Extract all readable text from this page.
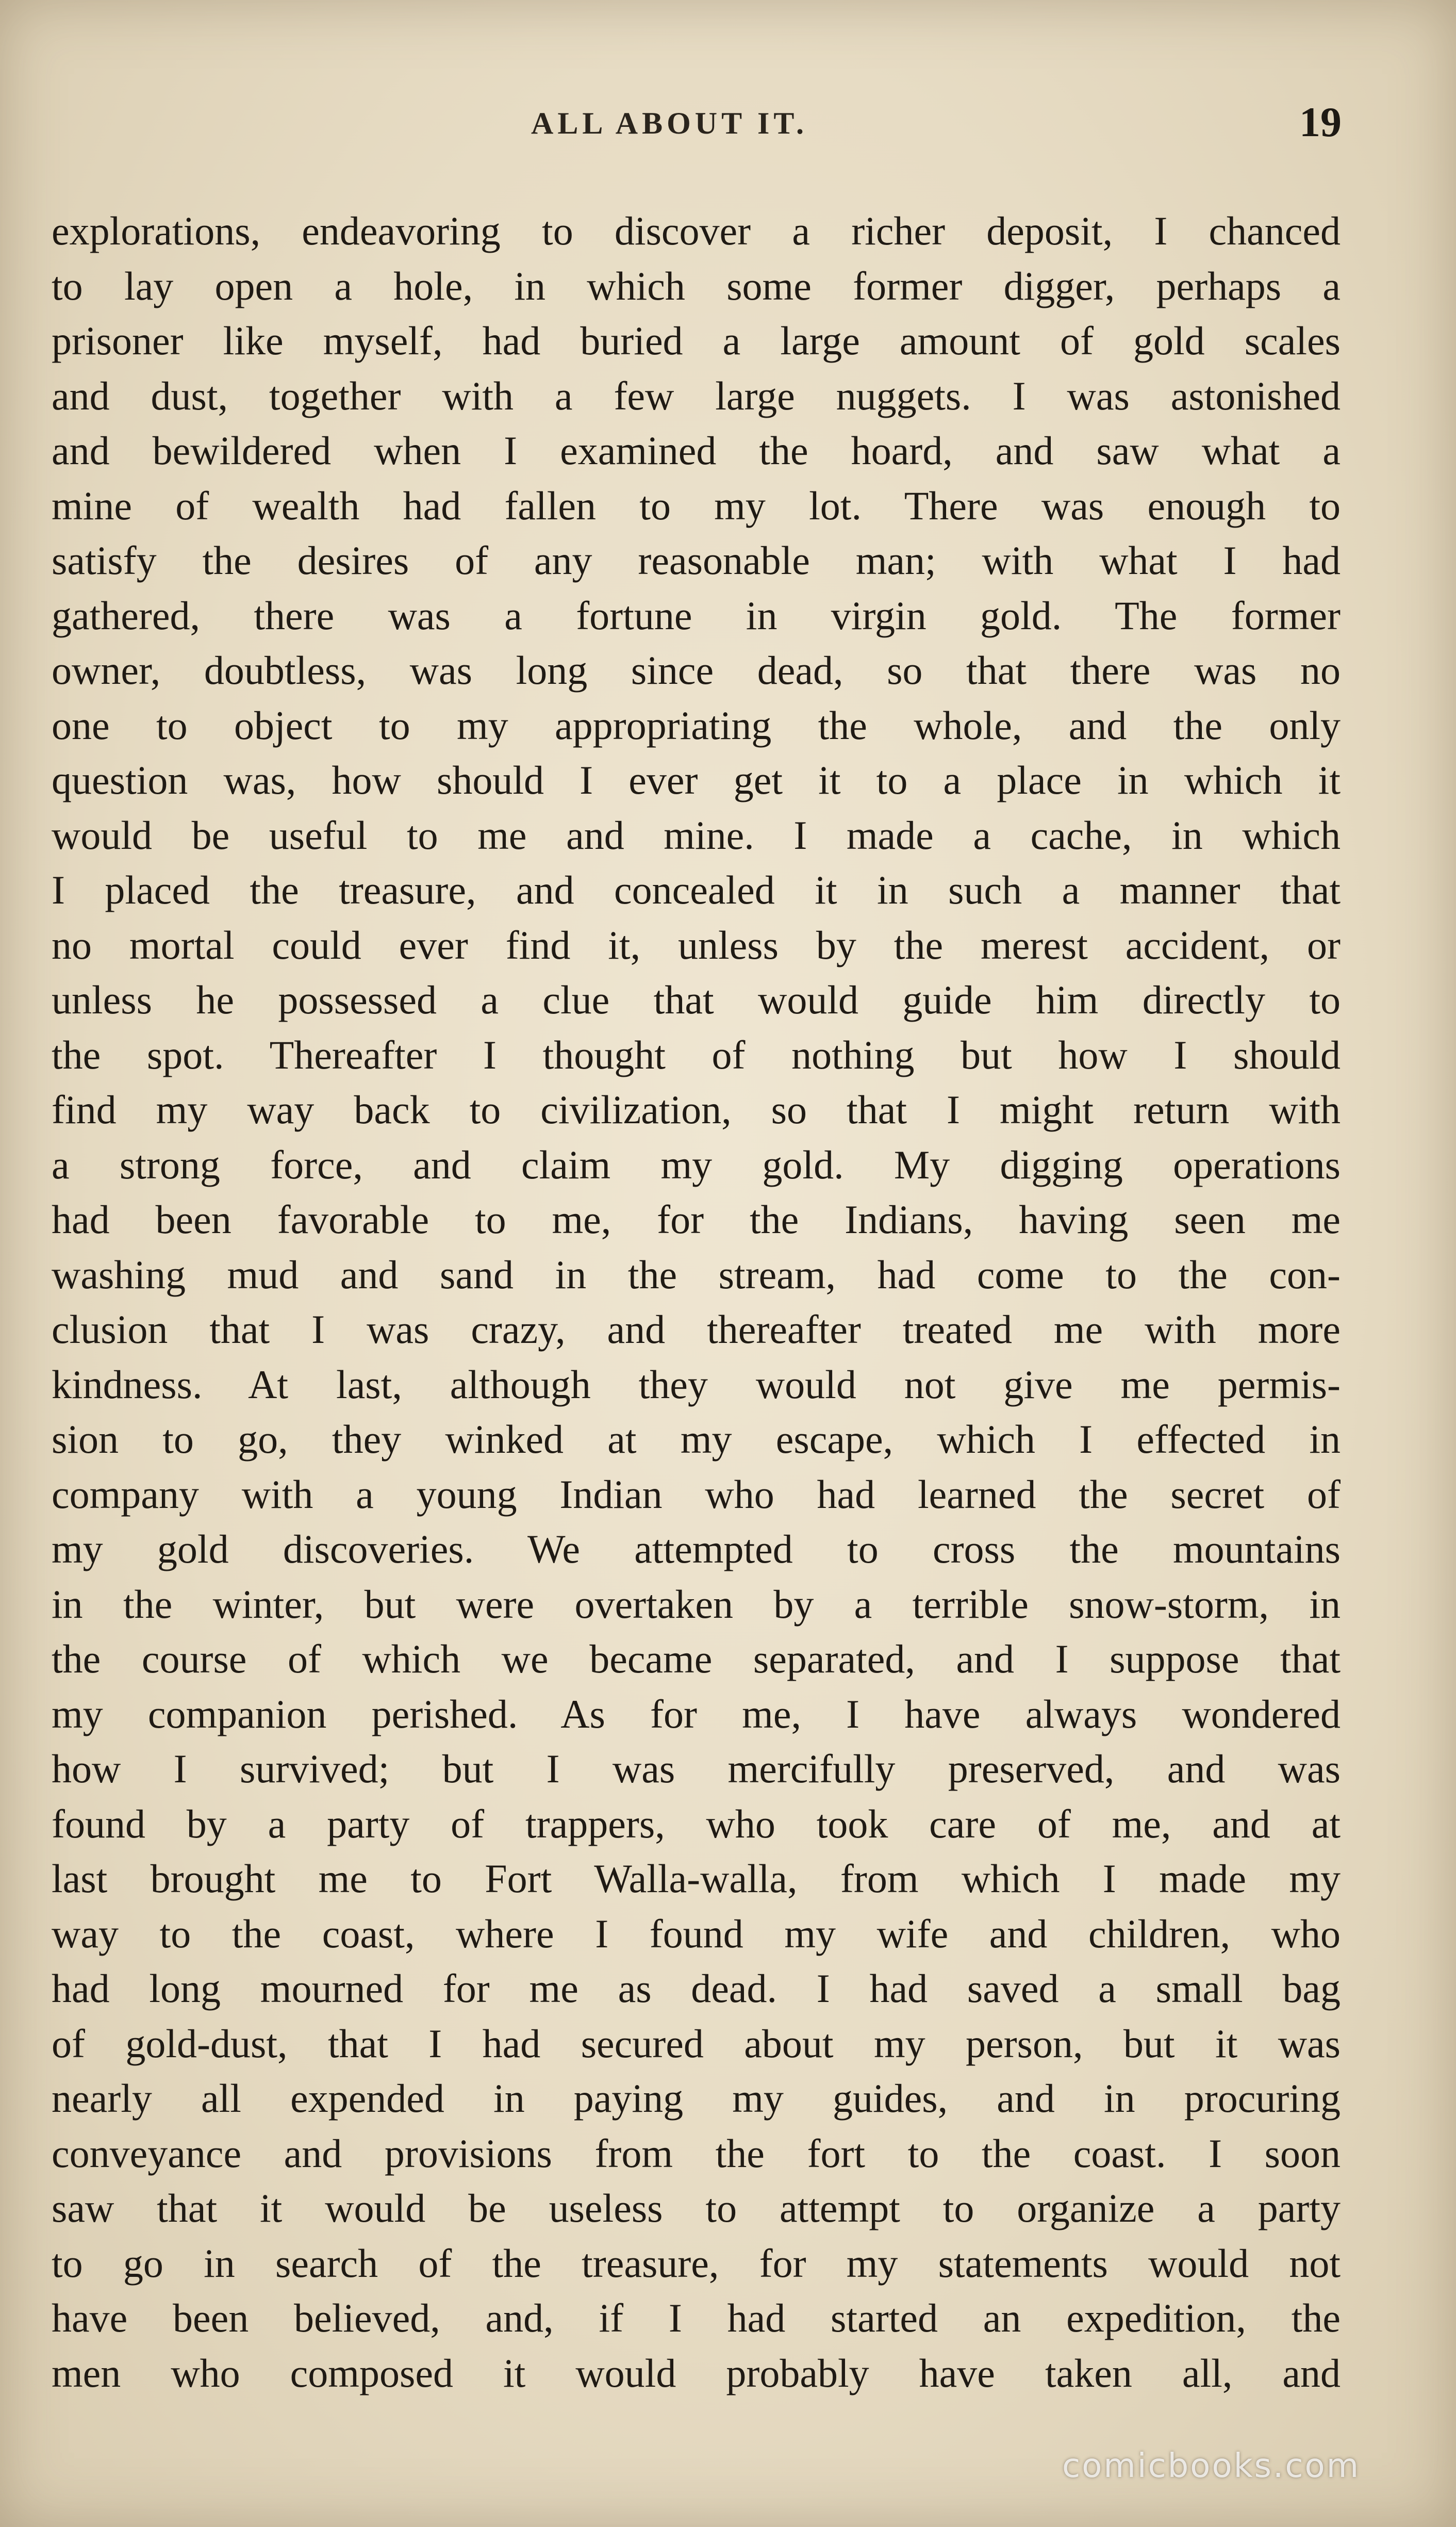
ALL ABOUT IT.	19
explorations, endeavoring to discover a richer deposit, I chanced
to lay open a hole, in which some former digger, perhaps a
prisoner like myself, had buried a large amount of gold scales
and dust, together with a few large nuggets. I was astonished
and bewildered when I examined the hoard, and saw what a
mine of wealth had fallen to my lot. There was enough to
satisfy the desires of any reasonable man; with what I had
gathered, there was a fortune in virgin gold. The former
owner, doubtless, was long since dead, so that there was no
one to object to my appropriating the whole, and the only
question was, how should I ever get it to a place in which it
would be useful to me and mine. I made a cache, in which
I placed the treasure, and concealed it in such a manner that
no mortal could ever find it, unless by the merest accident, or
unless he possessed a clue that would guide him directly to
the spot. Thereafter I thought of nothing but how I should
find my way back to civilization, so that I might return with
a strong force, and claim my gold. My digging operations
had been favorable to me, for the Indians, having seen me
washing mud and sand in the stream, had come to the con-
clusion that I was crazy, and thereafter treated me with more
kindness. At last, although they would not give me permis-
sion to go, they winked at my escape, which I effected in
company with a young Indian who had learned the secret of
my gold discoveries. We attempted to cross the mountains
in the winter, but were overtaken by a terrible snow-storm, in
the course of which we became separated, and I suppose that
my companion perished. As for me, I have always wondered
how I survived; but I was mercifully preserved, and was
found by a party of trappers, who took care of me, and at
last brought me to Fort Walla-walla, from which I made my
way to the coast, where I found my wife and children, who
had long mourned for me as dead. I had saved a small bag
of gold-dust, that I had secured about my person, but it was
nearly all expended in paying my guides, and in procuring
conveyance and provisions from the fort to the coast. I soon
saw that it would be useless to attempt to organize a party
to go in search of the treasure, for my statements would not
have been believed, and, if I had started an expedition, the
men who composed it would probably have taken all, and
comicbooks.com
